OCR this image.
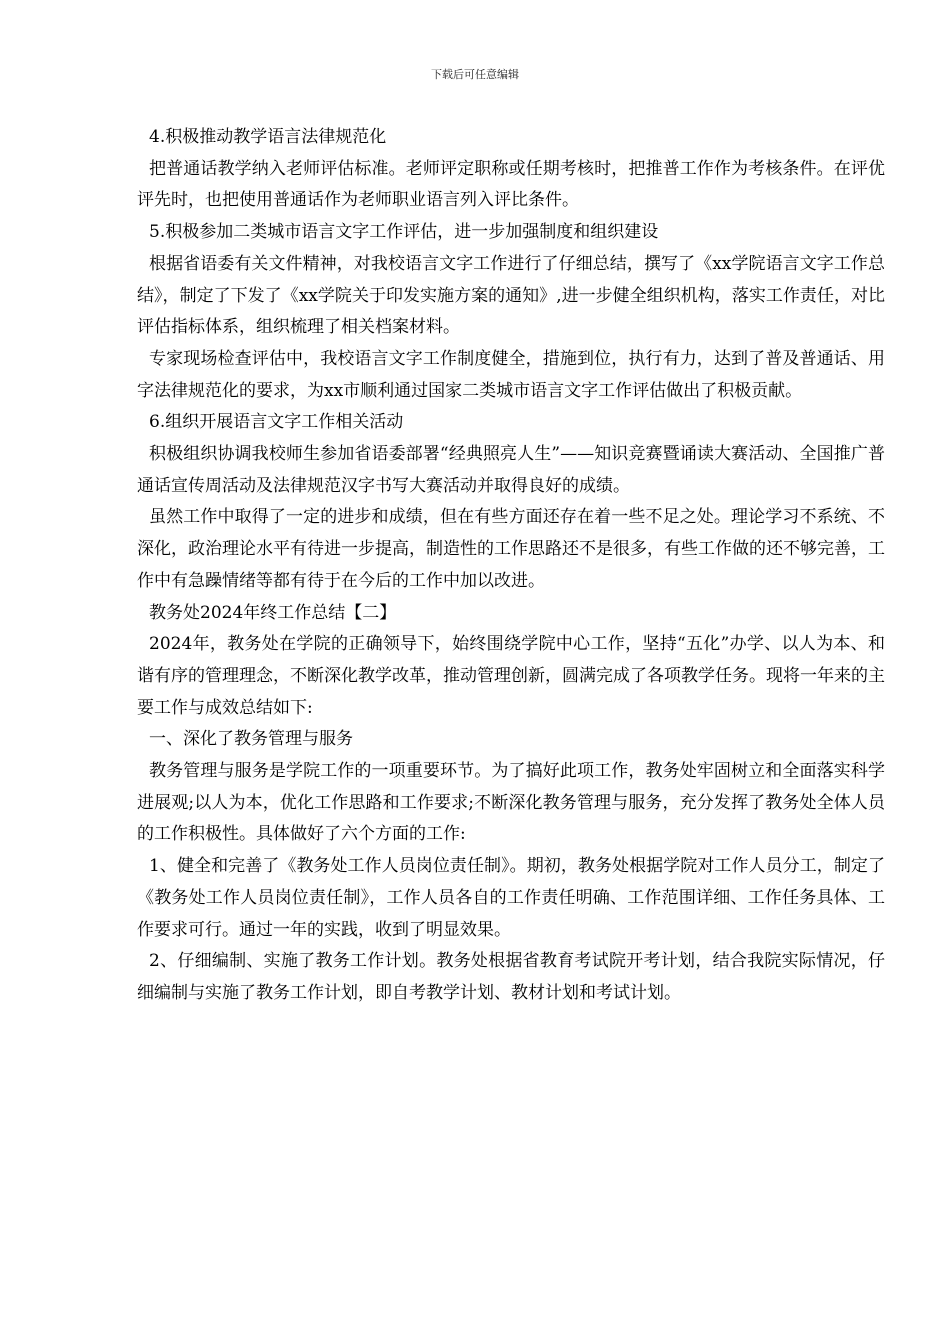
下载后可任意编辑

4.积极推动教学语言法律规范化

把普通话教学纳入老师评估标准。老师评定职称或任期考核时，把推普工作作为考核条件。在评优评先时，也把使用普通话作为老师职业语言列入评比条件。

5.积极参加二类城市语言文字工作评估，进一步加强制度和组织建设

根据省语委有关文件精神，对我校语言文字工作进行了仔细总结，撰写了《xx学院语言文字工作总结》，制定了下发了《xx学院关于印发实施方案的通知》,进一步健全组织机构，落实工作责任，对比评估指标体系，组织梳理了相关档案材料。

专家现场检查评估中，我校语言文字工作制度健全，措施到位，执行有力，达到了普及普通话、用字法律规范化的要求，为xx市顺利通过国家二类城市语言文字工作评估做出了积极贡献。

6.组织开展语言文字工作相关活动

积极组织协调我校师生参加省语委部署“经典照亮人生”——知识竞赛暨诵读大赛活动、全国推广普通话宣传周活动及法律规范汉字书写大赛活动并取得良好的成绩。

虽然工作中取得了一定的进步和成绩，但在有些方面还存在着一些不足之处。理论学习不系统、不深化，政治理论水平有待进一步提高，制造性的工作思路还不是很多，有些工作做的还不够完善，工作中有急躁情绪等都有待于在今后的工作中加以改进。

教务处2024年终工作总结【二】

2024年，教务处在学院的正确领导下，始终围绕学院中心工作，坚持“五化”办学、以人为本、和谐有序的管理理念，不断深化教学改革，推动管理创新，圆满完成了各项教学任务。现将一年来的主要工作与成效总结如下:

一、深化了教务管理与服务

教务管理与服务是学院工作的一项重要环节。为了搞好此项工作，教务处牢固树立和全面落实科学进展观;以人为本，优化工作思路和工作要求;不断深化教务管理与服务，充分发挥了教务处全体人员的工作积极性。具体做好了六个方面的工作:

1、健全和完善了《教务处工作人员岗位责任制》。期初，教务处根据学院对工作人员分工，制定了《教务处工作人员岗位责任制》，工作人员各自的工作责任明确、工作范围详细、工作任务具体、工作要求可行。通过一年的实践，收到了明显效果。

2、仔细编制、实施了教务工作计划。教务处根据省教育考试院开考计划，结合我院实际情况，仔细编制与实施了教务工作计划，即自考教学计划、教材计划和考试计划。
